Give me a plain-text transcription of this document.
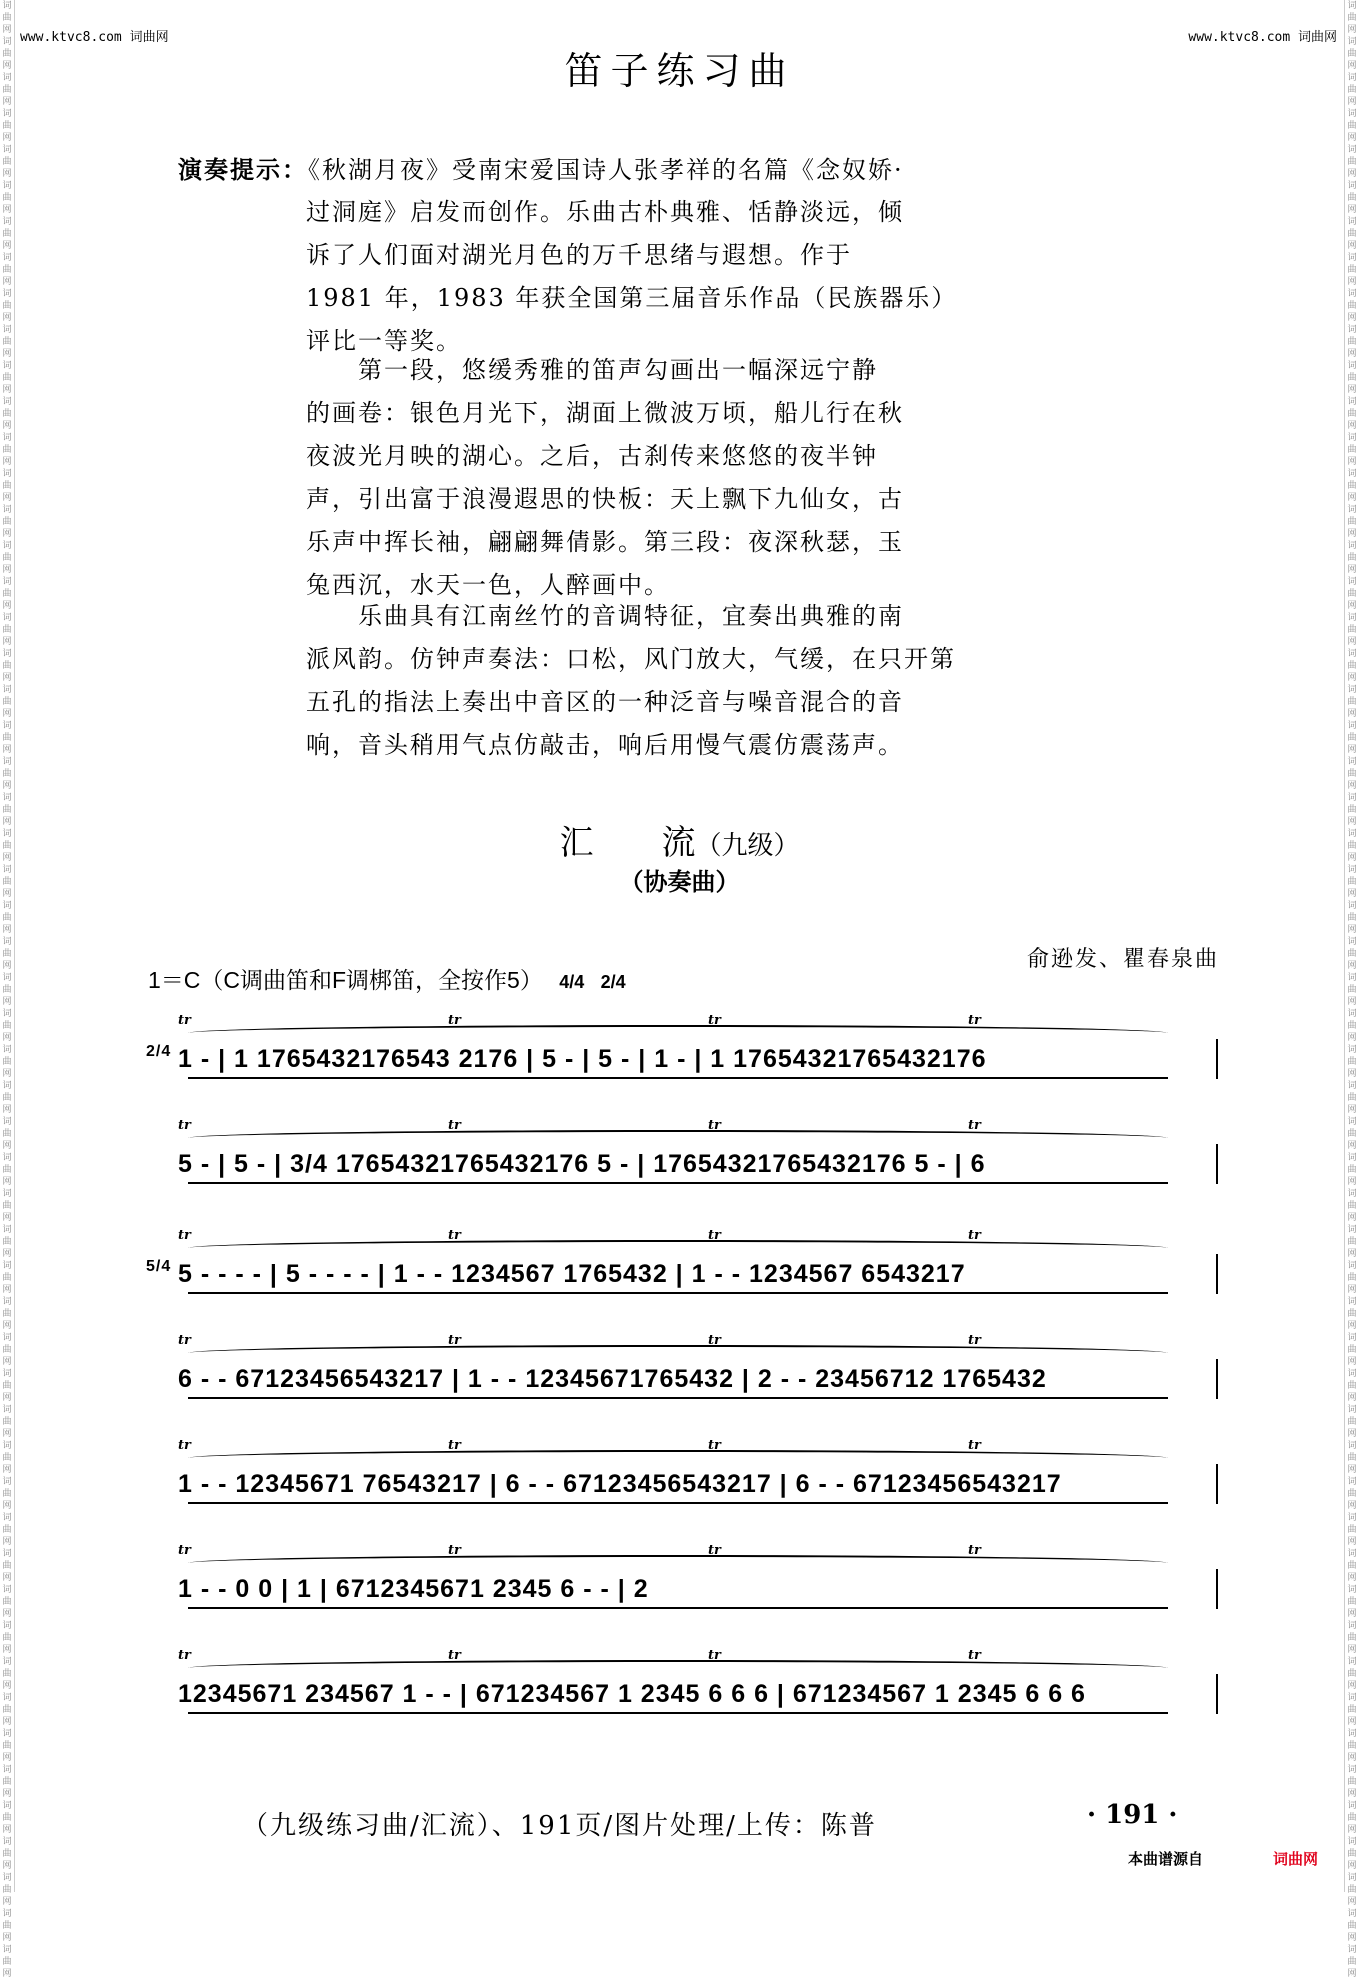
词曲网 词曲网 词曲网 词曲网 词曲网 词曲网 词曲网 词曲网 词曲网 词曲网 词曲网 词曲网 词曲网 词曲网 词曲网 词曲网 词曲网 词曲网 词曲网 词曲网 词曲网 词曲网 词曲网 词曲网 词曲网 词曲网 词曲网 词曲网 词曲网 词曲网 词曲网 词曲网 词曲网 词曲网 词曲网 词曲网 词曲网 词曲网 词曲网 词曲网 词曲网 词曲网 词曲网 词曲网 词曲网 词曲网 词曲网 词曲网 词曲网 词曲网 词曲网 词曲网 词曲网 词曲网 词曲网
词曲网 词曲网 词曲网 词曲网 词曲网 词曲网 词曲网 词曲网 词曲网 词曲网 词曲网 词曲网 词曲网 词曲网 词曲网 词曲网 词曲网 词曲网 词曲网 词曲网 词曲网 词曲网 词曲网 词曲网 词曲网 词曲网 词曲网 词曲网 词曲网 词曲网 词曲网 词曲网 词曲网 词曲网 词曲网 词曲网 词曲网 词曲网 词曲网 词曲网 词曲网 词曲网 词曲网 词曲网 词曲网 词曲网 词曲网 词曲网 词曲网 词曲网 词曲网 词曲网 词曲网 词曲网 词曲网
www.ktvc8.com 词曲网	www.ktvc8.com 词曲网
笛子练习曲
演奏提示：《秋湖月夜》受南宋爱国诗人张孝祥的名篇《念奴娇·
过洞庭》启发而创作。乐曲古朴典雅、恬静淡远，倾
诉了人们面对湖光月色的万千思绪与遐想。作于
1981 年，1983 年获全国第三届音乐作品（民族器乐）
评比一等奖。
第一段，悠缓秀雅的笛声勾画出一幅深远宁静
的画卷：银色月光下，湖面上微波万顷，船儿行在秋
夜波光月映的湖心。之后，古刹传来悠悠的夜半钟
声，引出富于浪漫遐思的快板：天上飘下九仙女，古
乐声中挥长袖，翩翩舞倩影。第三段：夜深秋瑟，玉
兔西沉，水天一色，人醉画中。
乐曲具有江南丝竹的音调特征，宜奏出典雅的南
派风韵。仿钟声奏法：口松，风门放大，气缓，在只开第
五孔的指法上奏出中音区的一种泛音与噪音混合的音
响，音头稍用气点仿敲击，响后用慢气震仿震荡声。
汇　　流（九级）
（协奏曲）
俞逊发、瞿春泉曲
1＝C（C调曲笛和F调梆笛，全按作5） 4/4 2/4
tr	tr	tr	tr
2/4 1 - | 1 1765432176543 2176 | 5 - | 5 - | 1 - | 1 17654321765432176
tr	tr	tr	tr
5 - | 5 - | 3/4 17654321765432176 5 - | 17654321765432176 5 - | 6
tr	tr	tr	tr
5/4 5 - - - - | 5 - - - - | 1 - - 1234567 1765432 | 1 - - 1234567 6543217
tr	tr	tr	tr
6 - - 67123456543217 | 1 - - 12345671765432 | 2 - - 23456712 1765432
tr	tr	tr	tr
1 - - 12345671 76543217 | 6 - - 67123456543217 | 6 - - 67123456543217
tr	tr	tr	tr
1 - - 0 0 | 1 | 6712345671 2345 6 - - | 2
tr	tr	tr	tr
12345671 234567 1 - - | 671234567 1 2345 6 6 6 | 671234567 1 2345 6 6 6
（九级练习曲/汇流）、191页/图片处理/上传：陈普	· 191 ·
本曲谱源自	词曲网
